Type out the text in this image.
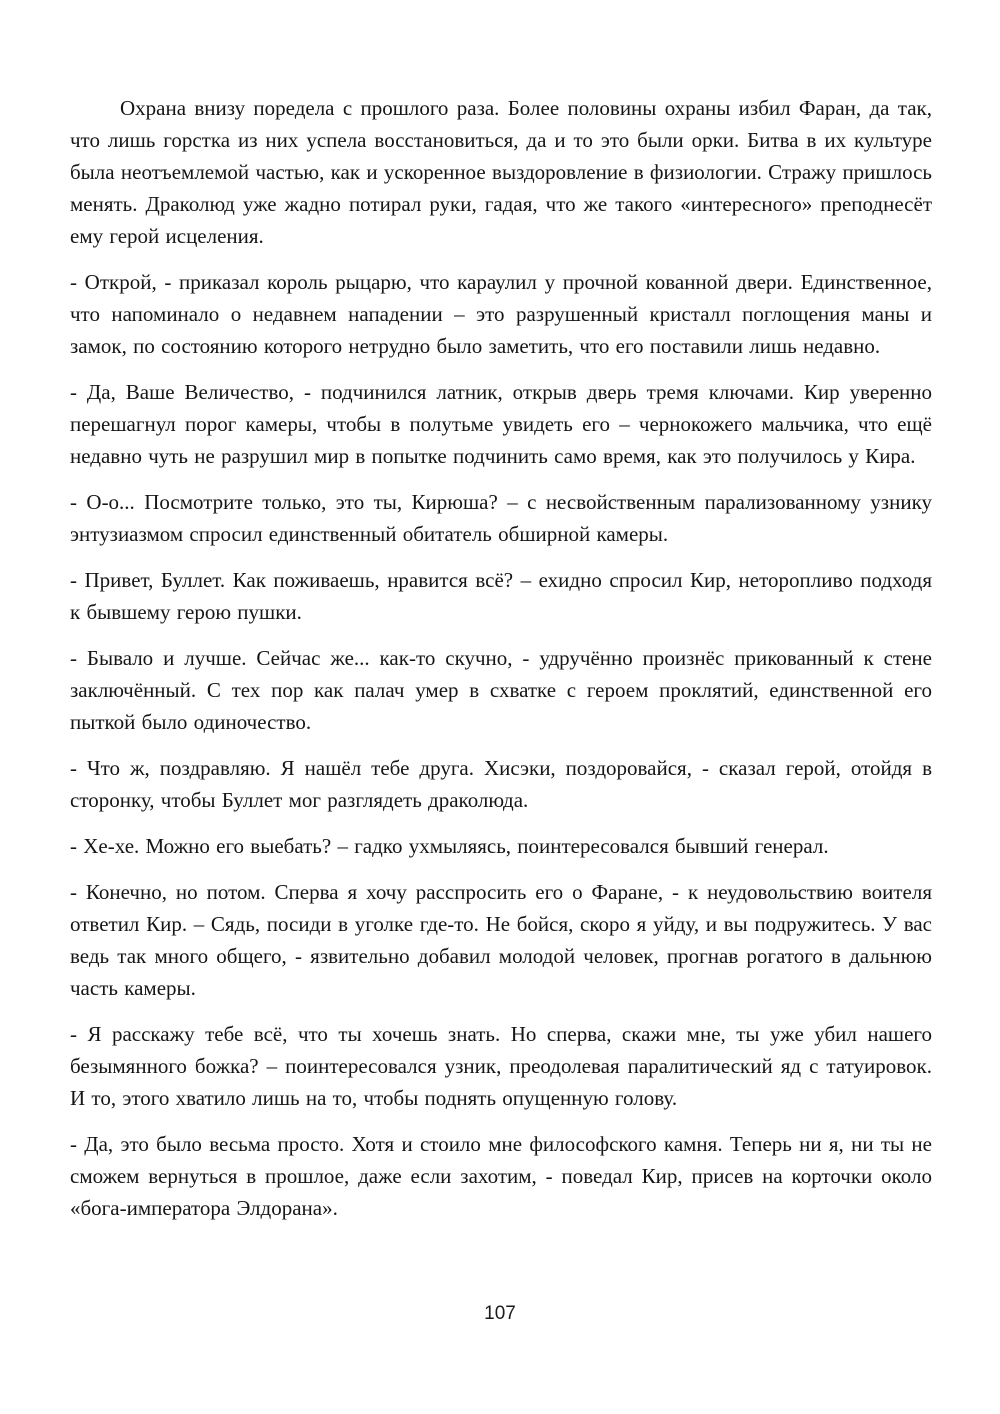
Охрана внизу поредела с прошлого раза. Более половины охраны избил Фаран, да так, что лишь горстка из них успела восстановиться, да и то это были орки. Битва в их культуре была неотъемлемой частью, как и ускоренное выздоровление в физиологии. Стражу пришлось менять. Драколюд уже жадно потирал руки, гадая, что же такого «интересного» преподнесёт ему герой исцеления.

- Открой, - приказал король рыцарю, что караулил у прочной кованной двери. Единственное, что напоминало о недавнем нападении – это разрушенный кристалл поглощения маны и замок, по состоянию которого нетрудно было заметить, что его поставили лишь недавно.

- Да, Ваше Величество, - подчинился латник, открыв дверь тремя ключами. Кир уверенно перешагнул порог камеры, чтобы в полутьме увидеть его – чернокожего мальчика, что ещё недавно чуть не разрушил мир в попытке подчинить само время, как это получилось у Кира.

- О-о... Посмотрите только, это ты, Кирюша? – с несвойственным парализованному узнику энтузиазмом спросил единственный обитатель обширной камеры.

- Привет, Буллет. Как поживаешь, нравится всё? – ехидно спросил Кир, неторопливо подходя к бывшему герою пушки.

- Бывало и лучше. Сейчас же... как-то скучно, - удручённо произнёс прикованный к стене заключённый. С тех пор как палач умер в схватке с героем проклятий, единственной его пыткой было одиночество.

- Что ж, поздравляю. Я нашёл тебе друга. Хисэки, поздоровайся, - сказал герой, отойдя в сторонку, чтобы Буллет мог разглядеть драколюда.

- Хе-хе. Можно его выебать? – гадко ухмыляясь, поинтересовался бывший генерал.

- Конечно, но потом. Сперва я хочу расспросить его о Фаране, - к неудовольствию воителя ответил Кир. – Сядь, посиди в уголке где-то. Не бойся, скоро я уйду, и вы подружитесь. У вас ведь так много общего, - язвительно добавил молодой человек, прогнав рогатого в дальнюю часть камеры.

- Я расскажу тебе всё, что ты хочешь знать. Но сперва, скажи мне, ты уже убил нашего безымянного божка? – поинтересовался узник, преодолевая паралитический яд с татуировок. И то, этого хватило лишь на то, чтобы поднять опущенную голову.

- Да, это было весьма просто. Хотя и стоило мне философского камня. Теперь ни я, ни ты не сможем вернуться в прошлое, даже если захотим, - поведал Кир, присев на корточки около «бога-императора Элдорана».

107
